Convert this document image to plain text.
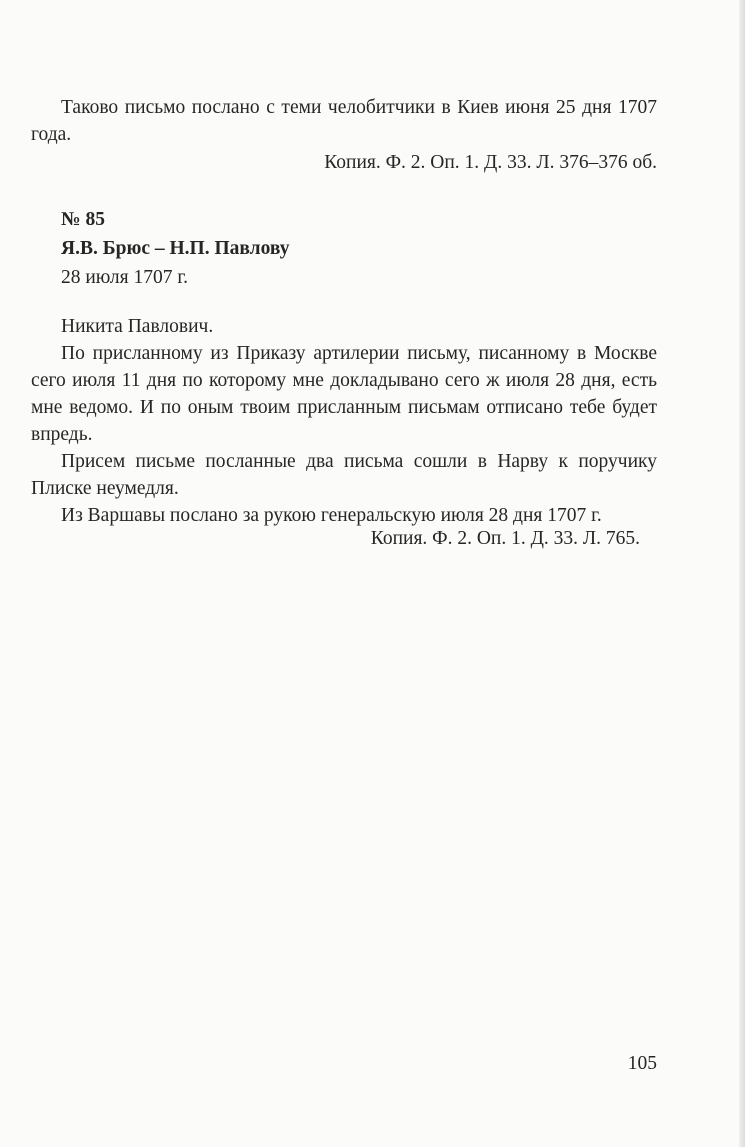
Таково письмо послано с теми челобитчики в Киев июня 25 дня 1707 года.

Копия. Ф. 2. Оп. 1. Д. 33. Л. 376–376 об.
№ 85
Я.В. Брюс – Н.П. Павлову
28 июля 1707 г.

Никита Павлович.

По присланному из Приказу артилерии письму, писанному в Москве сего июля 11 дня по которому мне докладывано сего ж июля 28 дня, есть мне ведомо. И по оным твоим присланным письмам отписано тебе будет впредь.

Присем письме посланные два письма сошли в Нарву к поручику Плиске неумедля.

Из Варшавы послано за рукою генеральскую июля 28 дня 1707 г.

Копия. Ф. 2. Оп. 1. Д. 33. Л. 765.
105
